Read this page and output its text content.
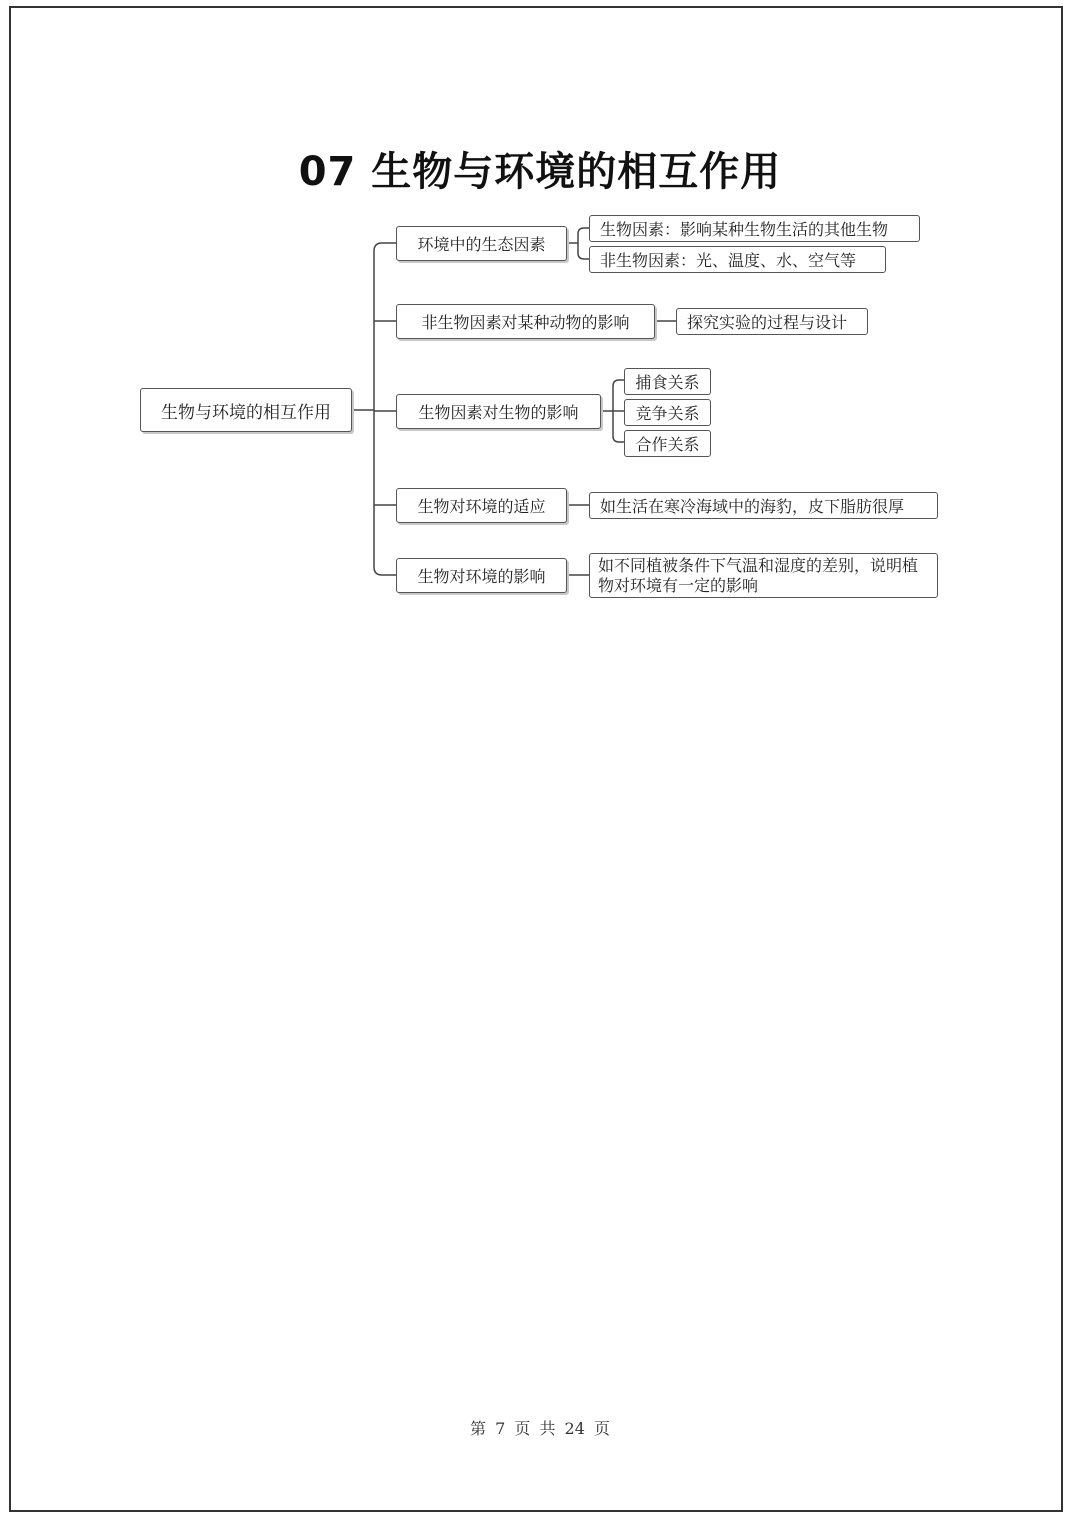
07 生物与环境的相互作用
生物与环境的相互作用
环境中的生态因素
生物因素：影响某种生物生活的其他生物
非生物因素：光、温度、水、空气等
非生物因素对某种动物的影响	探究实验的过程与设计
生物因素对生物的影响
捕食关系
竞争关系
合作关系
生物对环境的适应	如生活在寒冷海域中的海豹，皮下脂肪很厚
生物对环境的影响
如不同植被条件下气温和湿度的差别，说明植物对环境有一定的影响
第 7 页 共 24 页
